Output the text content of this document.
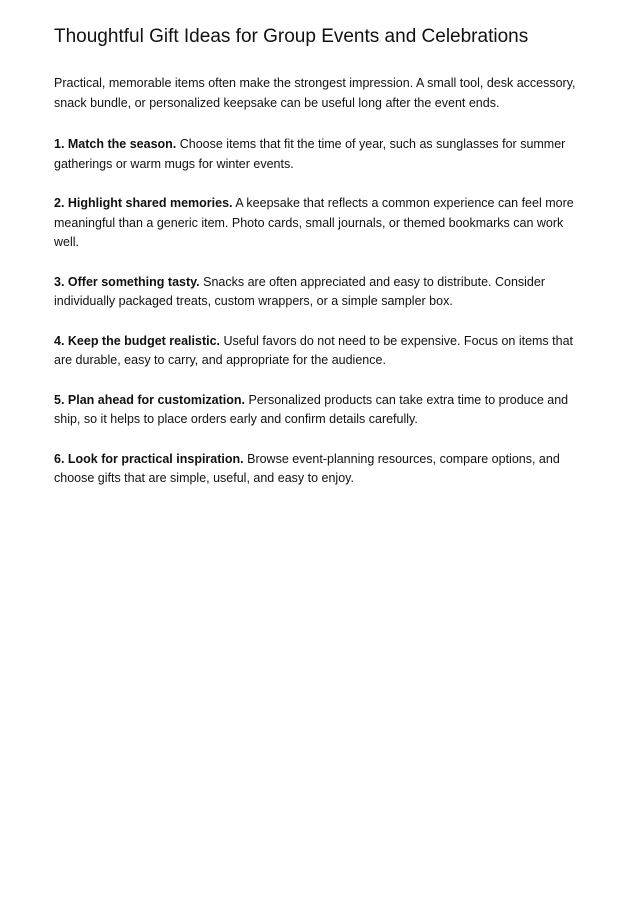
Thoughtful Gift Ideas for Group Events and Celebrations

Practical, memorable items often make the strongest impression. A small tool, desk accessory, snack bundle, or personalized keepsake can be useful long after the event ends.

1. Match the season. Choose items that fit the time of year, such as sunglasses for summer gatherings or warm mugs for winter events.

2. Highlight shared memories. A keepsake that reflects a common experience can feel more meaningful than a generic item. Photo cards, small journals, or themed bookmarks can work well.

3. Offer something tasty. Snacks are often appreciated and easy to distribute. Consider individually packaged treats, custom wrappers, or a simple sampler box.

4. Keep the budget realistic. Useful favors do not need to be expensive. Focus on items that are durable, easy to carry, and appropriate for the audience.

5. Plan ahead for customization. Personalized products can take extra time to produce and ship, so it helps to place orders early and confirm details carefully.

6. Look for practical inspiration. Browse event-planning resources, compare options, and choose gifts that are simple, useful, and easy to enjoy.
